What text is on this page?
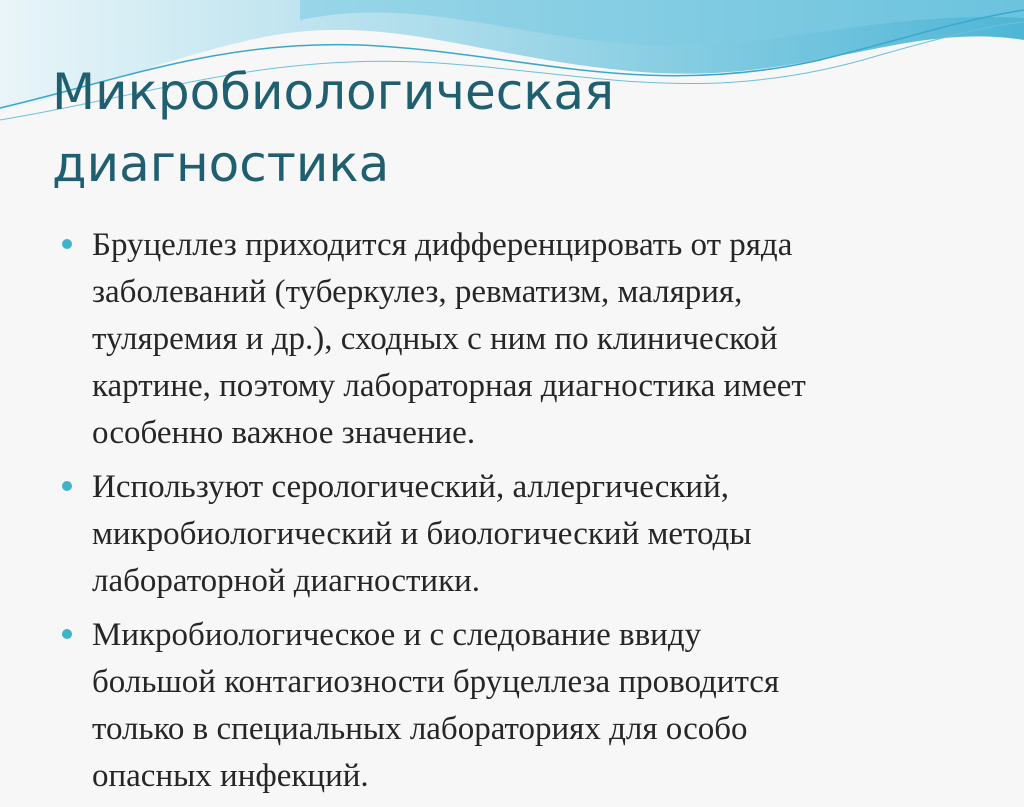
Микробиологическая
диагностика
Бруцеллез приходится дифференцировать от ряда
заболеваний (туберкулез, ревматизм, малярия,
туляремия и др.), сходных с ним по клинической
картине, поэтому лабораторная диагностика имеет
особенно важное значение.
Используют серологический, аллергический,
микробиологический и биологический методы
лабораторной диагностики.
Микробиологическое и с следование ввиду
большой контагиозности бруцеллеза проводится
только в специальных лабораториях для особо
опасных инфекций.
